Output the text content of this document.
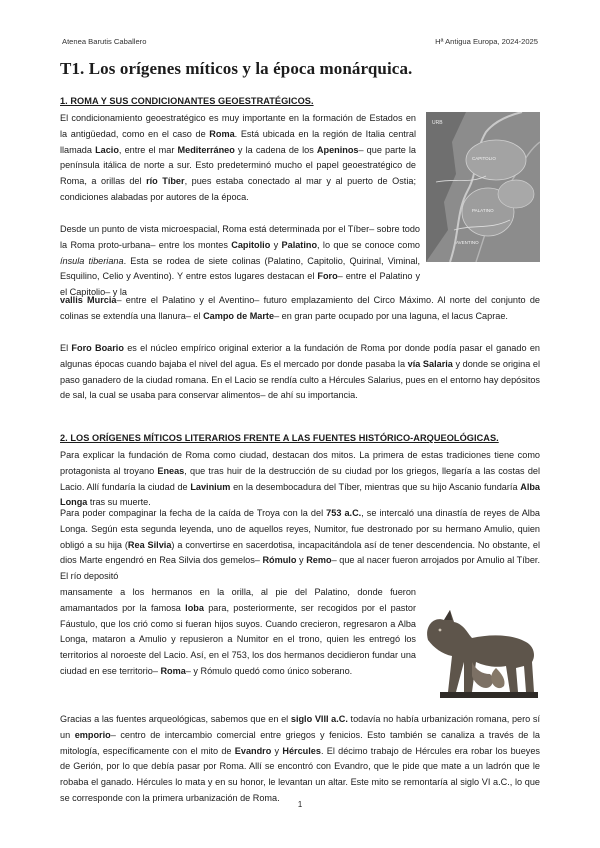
Atenea Barutis Caballero	Hª Antigua Europa, 2024-2025
T1. Los orígenes míticos y la época monárquica.
1. ROMA Y SUS CONDICIONANTES GEOESTRATÉGICOS.

El condicionamiento geoestratégico es muy importante en la formación de Estados en la antigüedad, como en el caso de Roma. Está ubicada en la región de Italia central llamada Lacio, entre el mar Mediterráneo y la cadena de los Apeninos– que parte la península itálica de norte a sur. Esto predeterminó mucho el papel geoestratégico de Roma, a orillas del río Tíber, pues estaba conectado al mar y al puerto de Ostia; condiciones alabadas por autores de la época.

Desde un punto de vista microespacial, Roma está determinada por el Tíber– sobre todo la Roma proto-urbana– entre los montes Capitolio y Palatino, lo que se conoce como ínsula tiberiana. Esta se rodea de siete colinas (Palatino, Capitolio, Quirinal, Viminal, Esquilino, Celio y Aventino). Y entre estos lugares destacan el Foro– entre el Palatino y el Capitolio– y la

vallis Murcia– entre el Palatino y el Aventino– futuro emplazamiento del Circo Máximo. Al norte del conjunto de colinas se extendía una llanura– el Campo de Marte– en gran parte ocupado por una laguna, el lacus Caprae.

El Foro Boario es el núcleo empírico original exterior a la fundación de Roma por donde podía pasar el ganado en algunas épocas cuando bajaba el nivel del agua. Es el mercado por donde pasaba la vía Salaria y donde se origina el paso ganadero de la ciudad romana. En el Lacio se rendía culto a Hércules Salarius, pues en el entorno hay depósitos de sal, la cual se usaba para conservar alimentos– de ahí su importancia.

URB
CAPITOLIO
PALATINO
AVENTINO
2. LOS ORÍGENES MÍTICOS LITERARIOS FRENTE A LAS FUENTES HISTÓRICO-ARQUEOLÓGICAS.

Para explicar la fundación de Roma como ciudad, destacan dos mitos. La primera de estas tradiciones tiene como protagonista al troyano Eneas, que tras huir de la destrucción de su ciudad por los griegos, llegaría a las costas del Lacio. Allí fundaría la ciudad de Lavinium en la desembocadura del Tíber, mientras que su hijo Ascanio fundaría Alba Longa tras su muerte.

Para poder compaginar la fecha de la caída de Troya con la del 753 a.C., se intercaló una dinastía de reyes de Alba Longa. Según esta segunda leyenda, uno de aquellos reyes, Numitor, fue destronado por su hermano Amulio, quien obligó a su hija (Rea Silvia) a convertirse en sacerdotisa, incapacitándola así de tener descendencia. No obstante, el dios Marte engendró en Rea Silvia dos gemelos– Rómulo y Remo– que al nacer fueron arrojados por Amulio al Tíber. El río depositó

mansamente a los hermanos en la orilla, al pie del Palatino, donde fueron amamantados por la famosa loba para, posteriormente, ser recogidos por el pastor Fáustulo, que los crió como si fueran hijos suyos. Cuando crecieron, regresaron a Alba Longa, mataron a Amulio y repusieron a Numitor en el trono, quien les entregó los territorios al noroeste del Lacio. Así, en el 753, los dos hermanos decidieron fundar una ciudad en ese territorio– Roma– y Rómulo quedó como único soberano.

Gracias a las fuentes arqueológicas, sabemos que en el siglo VIII a.C. todavía no había urbanización romana, pero sí un emporio– centro de intercambio comercial entre griegos y fenicios. Esto también se canaliza a través de la mitología, específicamente con el mito de Evandro y Hércules. El décimo trabajo de Hércules era robar los bueyes de Gerión, por lo que debía pasar por Roma. Allí se encontró con Evandro, que le pide que mate a un ladrón que le robaba el ganado. Hércules lo mata y en su honor, le levantan un altar. Este mito se remontaría al siglo VI a.C., lo que se corresponde con la primera urbanización de Roma.

1
